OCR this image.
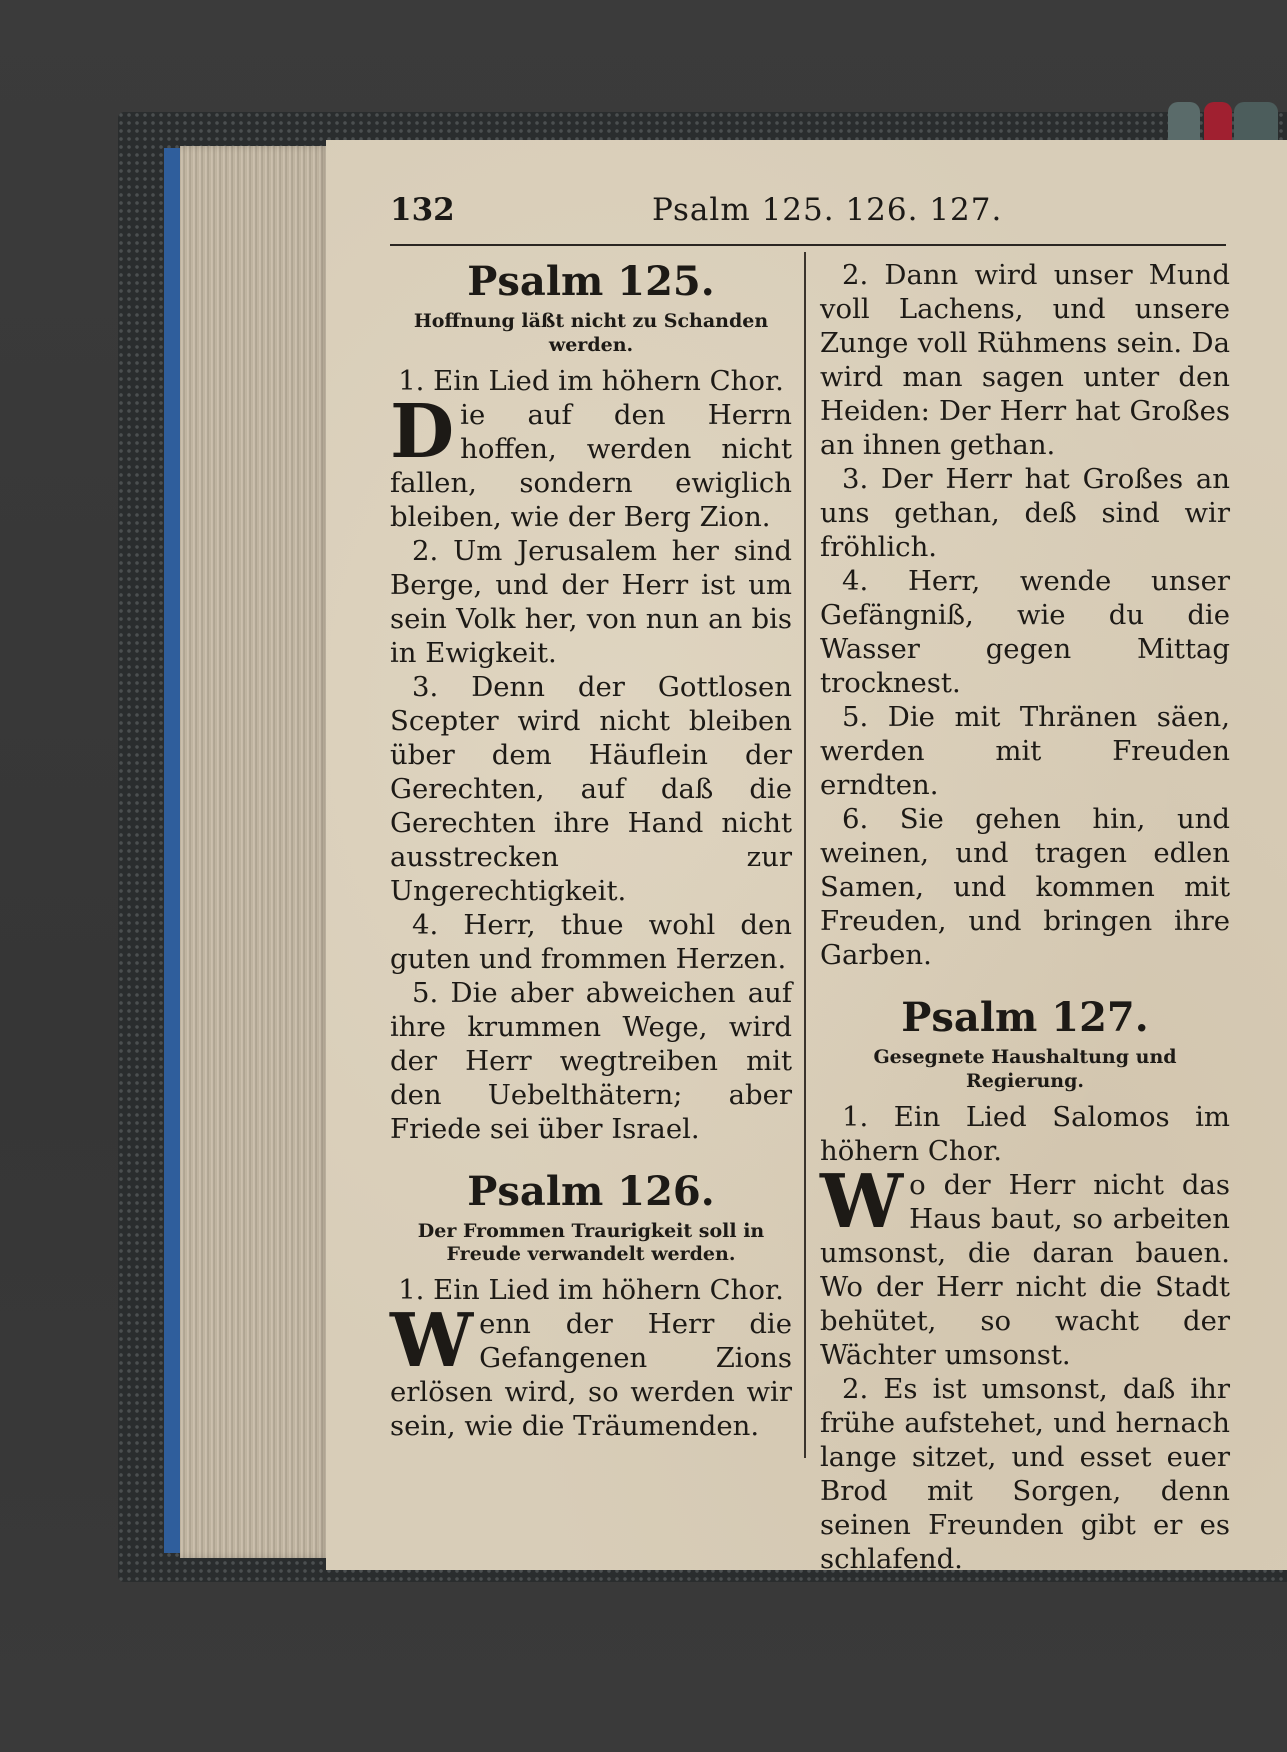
132	Psalm 125. 126. 127.
Psalm 125.
Hoffnung läßt nicht zu Schanden werden.

1. Ein Lied im höhern Chor.

Die auf den Herrn hoffen, werden nicht fallen, sondern ewiglich bleiben, wie der Berg Zion.

2. Um Jerusalem her sind Berge, und der Herr ist um sein Volk her, von nun an bis in Ewigkeit.

3. Denn der Gottlosen Scepter wird nicht bleiben über dem Häuflein der Gerechten, auf daß die Gerechten ihre Hand nicht ausstrecken zur Ungerechtigkeit.

4. Herr, thue wohl den guten und frommen Herzen.

5. Die aber abweichen auf ihre krummen Wege, wird der Herr wegtreiben mit den Uebelthätern; aber Friede sei über Israel.

Psalm 126.
Der Frommen Traurigkeit soll in Freude verwandelt werden.

1. Ein Lied im höhern Chor.

Wenn der Herr die Gefangenen Zions erlösen wird, so werden wir sein, wie die Träumenden.

2. Dann wird unser Mund voll Lachens, und unsere Zunge voll Rühmens sein. Da wird man sagen unter den Heiden: Der Herr hat Großes an ihnen gethan.

3. Der Herr hat Großes an uns gethan, deß sind wir fröhlich.

4. Herr, wende unser Gefängniß, wie du die Wasser gegen Mittag trocknest.

5. Die mit Thränen säen, werden mit Freuden erndten.

6. Sie gehen hin, und weinen, und tragen edlen Samen, und kommen mit Freuden, und bringen ihre Garben.

Psalm 127.
Gesegnete Haushaltung und Regierung.

1. Ein Lied Salomos im höhern Chor.

Wo der Herr nicht das Haus baut, so arbeiten umsonst, die daran bauen. Wo der Herr nicht die Stadt behütet, so wacht der Wächter umsonst.

2. Es ist umsonst, daß ihr frühe aufstehet, und hernach lange sitzet, und esset euer Brod mit Sorgen, denn seinen Freunden gibt er es schlafend.
